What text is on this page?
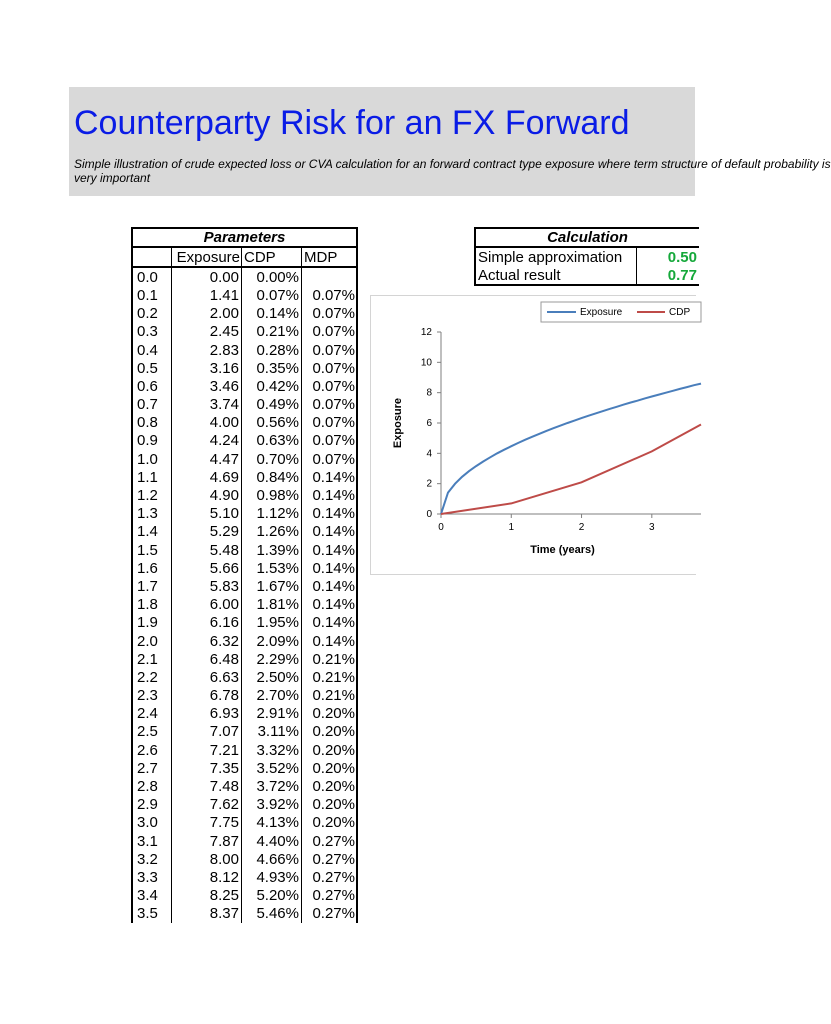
Counterparty Risk for an FX Forward
Simple illustration of crude expected loss or CVA calculation for an forward contract type exposure where term structure of default probability is
very important
Parameters			
	Exposure	CDP	MDP
0.0	0.00	0.00%	
0.1	1.41	0.07%	0.07%
0.2	2.00	0.14%	0.07%
0.3	2.45	0.21%	0.07%
0.4	2.83	0.28%	0.07%
0.5	3.16	0.35%	0.07%
0.6	3.46	0.42%	0.07%
0.7	3.74	0.49%	0.07%
0.8	4.00	0.56%	0.07%
0.9	4.24	0.63%	0.07%
1.0	4.47	0.70%	0.07%
1.1	4.69	0.84%	0.14%
1.2	4.90	0.98%	0.14%
1.3	5.10	1.12%	0.14%
1.4	5.29	1.26%	0.14%
1.5	5.48	1.39%	0.14%
1.6	5.66	1.53%	0.14%
1.7	5.83	1.67%	0.14%
1.8	6.00	1.81%	0.14%
1.9	6.16	1.95%	0.14%
2.0	6.32	2.09%	0.14%
2.1	6.48	2.29%	0.21%
2.2	6.63	2.50%	0.21%
2.3	6.78	2.70%	0.21%
2.4	6.93	2.91%	0.20%
2.5	7.07	3.11%	0.20%
2.6	7.21	3.32%	0.20%
2.7	7.35	3.52%	0.20%
2.8	7.48	3.72%	0.20%
2.9	7.62	3.92%	0.20%
3.0	7.75	4.13%	0.20%
3.1	7.87	4.40%	0.27%
3.2	8.00	4.66%	0.27%
3.3	8.12	4.93%	0.27%
3.4	8.25	5.20%	0.27%
3.5	8.37	5.46%	0.27%
Calculation	
Simple approximation	0.50
Actual result	0.77
0
2
4
6
8
10
12
0	1	2	3
Time (years)
Exposure
Exposure	CDP
